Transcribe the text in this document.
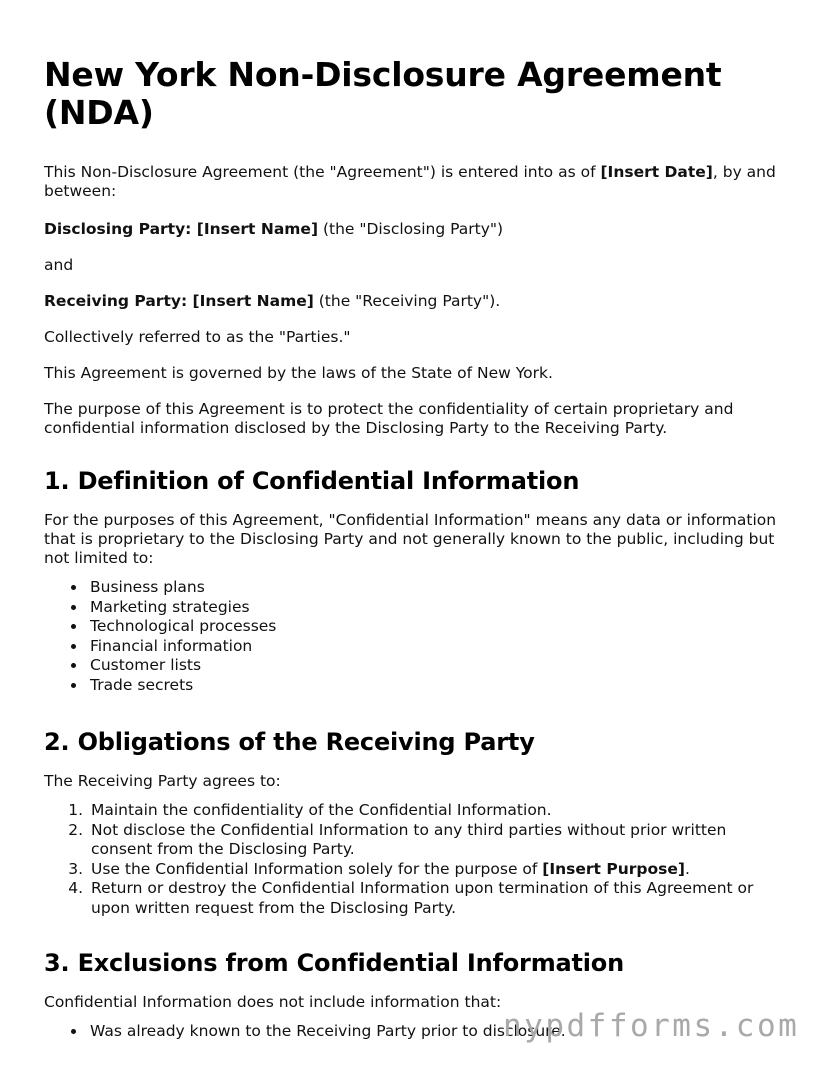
New York Non-Disclosure Agreement (NDA)

This Non-Disclosure Agreement (the "Agreement") is entered into as of [Insert Date], by and between:

Disclosing Party: [Insert Name] (the "Disclosing Party")

and

Receiving Party: [Insert Name] (the "Receiving Party").

Collectively referred to as the "Parties."

This Agreement is governed by the laws of the State of New York.

The purpose of this Agreement is to protect the confidentiality of certain proprietary and confidential information disclosed by the Disclosing Party to the Receiving Party.

1. Definition of Confidential Information

For the purposes of this Agreement, "Confidential Information" means any data or information that is proprietary to the Disclosing Party and not generally known to the public, including but not limited to:

• Business plans
• Marketing strategies
• Technological processes
• Financial information
• Customer lists
• Trade secrets
2. Obligations of the Receiving Party

The Receiving Party agrees to:

1. Maintain the confidentiality of the Confidential Information.
2. Not disclose the Confidential Information to any third parties without prior written consent from the Disclosing Party.
3. Use the Confidential Information solely for the purpose of [Insert Purpose].
4. Return or destroy the Confidential Information upon termination of this Agreement or upon written request from the Disclosing Party.
3. Exclusions from Confidential Information

Confidential Information does not include information that:

• Was already known to the Receiving Party prior to disclosure.
nypdfforms.com
